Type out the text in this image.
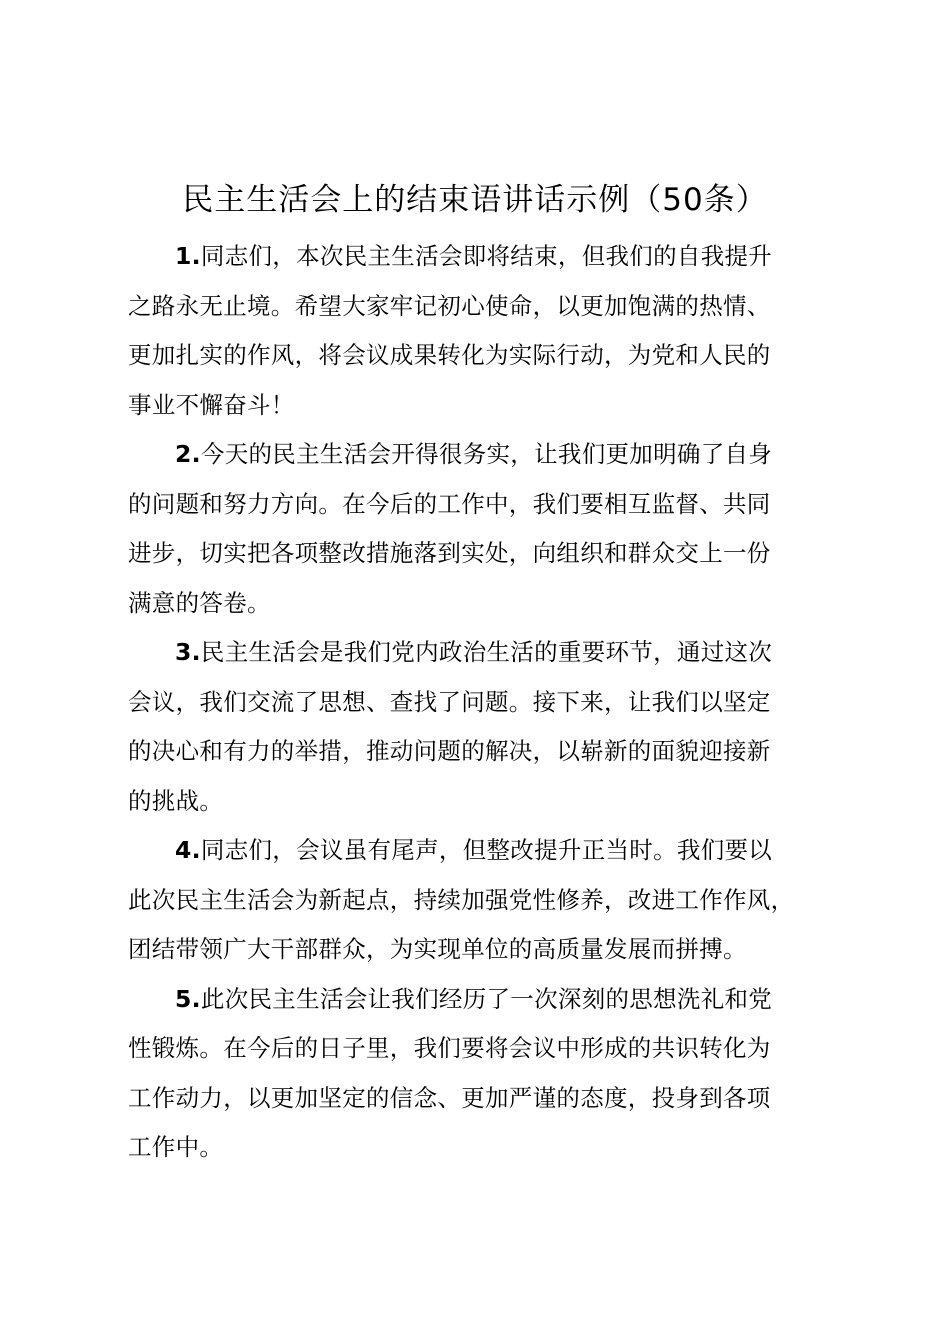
民主生活会上的结束语讲话示例（50条）

1.同志们，本次民主生活会即将结束，但我们的自我提升
之路永无止境。希望大家牢记初心使命，以更加饱满的热情、
更加扎实的作风，将会议成果转化为实际行动，为党和人民的
事业不懈奋斗！

2.今天的民主生活会开得很务实，让我们更加明确了自身
的问题和努力方向。在今后的工作中，我们要相互监督、共同
进步，切实把各项整改措施落到实处，向组织和群众交上一份
满意的答卷。

3.民主生活会是我们党内政治生活的重要环节，通过这次
会议，我们交流了思想、查找了问题。接下来，让我们以坚定
的决心和有力的举措，推动问题的解决，以崭新的面貌迎接新
的挑战。

4.同志们，会议虽有尾声，但整改提升正当时。我们要以
此次民主生活会为新起点，持续加强党性修养，改进工作作风，
团结带领广大干部群众，为实现单位的高质量发展而拼搏。

5.此次民主生活会让我们经历了一次深刻的思想洗礼和党
性锻炼。在今后的日子里，我们要将会议中形成的共识转化为
工作动力，以更加坚定的信念、更加严谨的态度，投身到各项
工作中。
